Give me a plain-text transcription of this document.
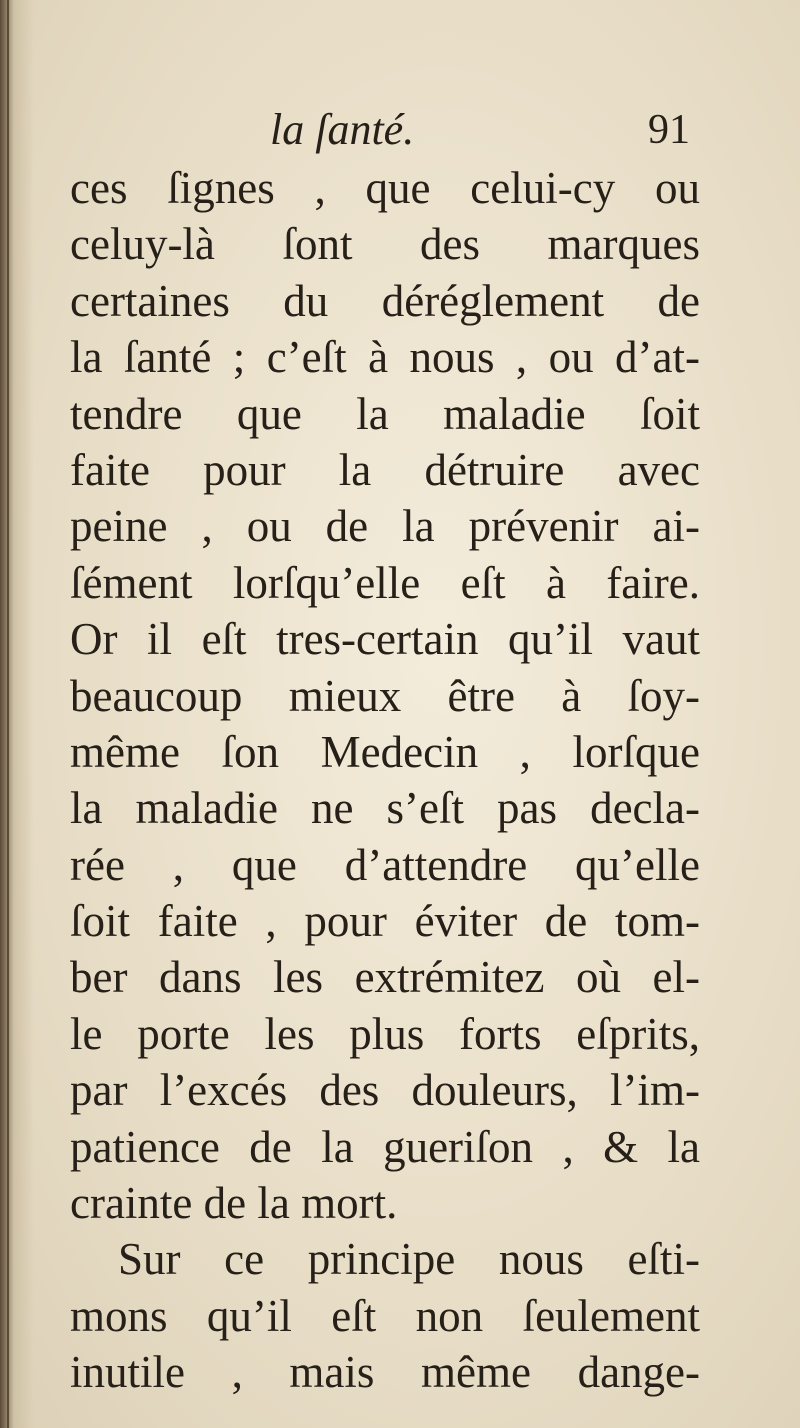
la ſanté.	91
ces ſignes , que celui-cy ou
celuy-là ſont des marques
certaines du déréglement de
la ſanté ; c’eſt à nous , ou d’at-
tendre que la maladie ſoit
faite pour la détruire avec
peine , ou de la prévenir ai-
ſément lorſqu’elle eſt à faire.
Or il eſt tres-certain qu’il vaut
beaucoup mieux être à ſoy-
même ſon Medecin , lorſque
la maladie ne s’eſt pas decla-
rée , que d’attendre qu’elle
ſoit faite , pour éviter de tom-
ber dans les extrémitez où el-
le porte les plus forts eſprits,
par l’excés des douleurs, l’im-
patience de la gueriſon , & la
crainte de la mort.
Sur ce principe nous eſti-
mons qu’il eſt non ſeulement
inutile , mais même dange-
